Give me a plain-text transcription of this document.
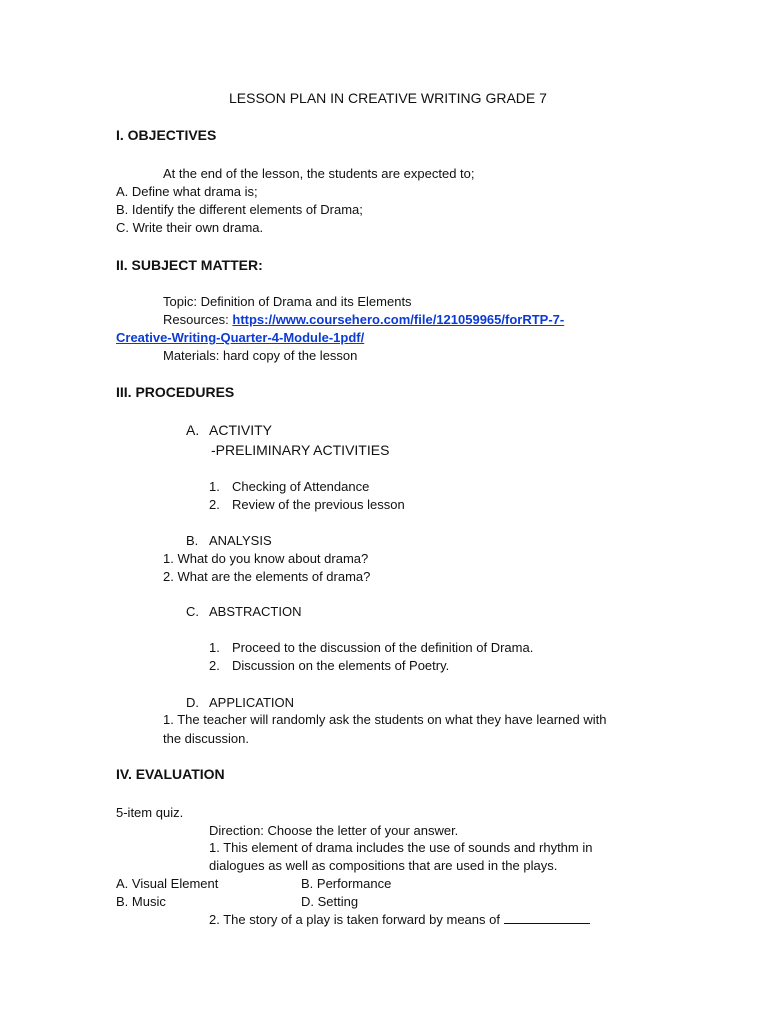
LESSON PLAN IN CREATIVE WRITING GRADE 7
I. OBJECTIVES
At the end of the lesson, the students are expected to;
A. Define what drama is;
B. Identify the different elements of Drama;
C. Write their own drama.
II. SUBJECT MATTER:
Topic: Definition of Drama and its Elements
Resources: https://www.coursehero.com/file/121059965/forRTP-7-
Creative-Writing-Quarter-4-Module-1pdf/
Materials: hard copy of the lesson
III. PROCEDURES
A. ACTIVITY
-PRELIMINARY ACTIVITIES
1. Checking of Attendance
2. Review of the previous lesson
B. ANALYSIS
1. What do you know about drama?
2. What are the elements of drama?
C. ABSTRACTION
1. Proceed to the discussion of the definition of Drama.
2. Discussion on the elements of Poetry.
D. APPLICATION
1. The teacher will randomly ask the students on what they have learned with
the discussion.
IV. EVALUATION
5-item quiz.
Direction: Choose the letter of your answer.
1. This element of drama includes the use of sounds and rhythm in
dialogues as well as compositions that are used in the plays.
A. Visual Element	B. Performance
B. Music	D. Setting
2. The story of a play is taken forward by means of
